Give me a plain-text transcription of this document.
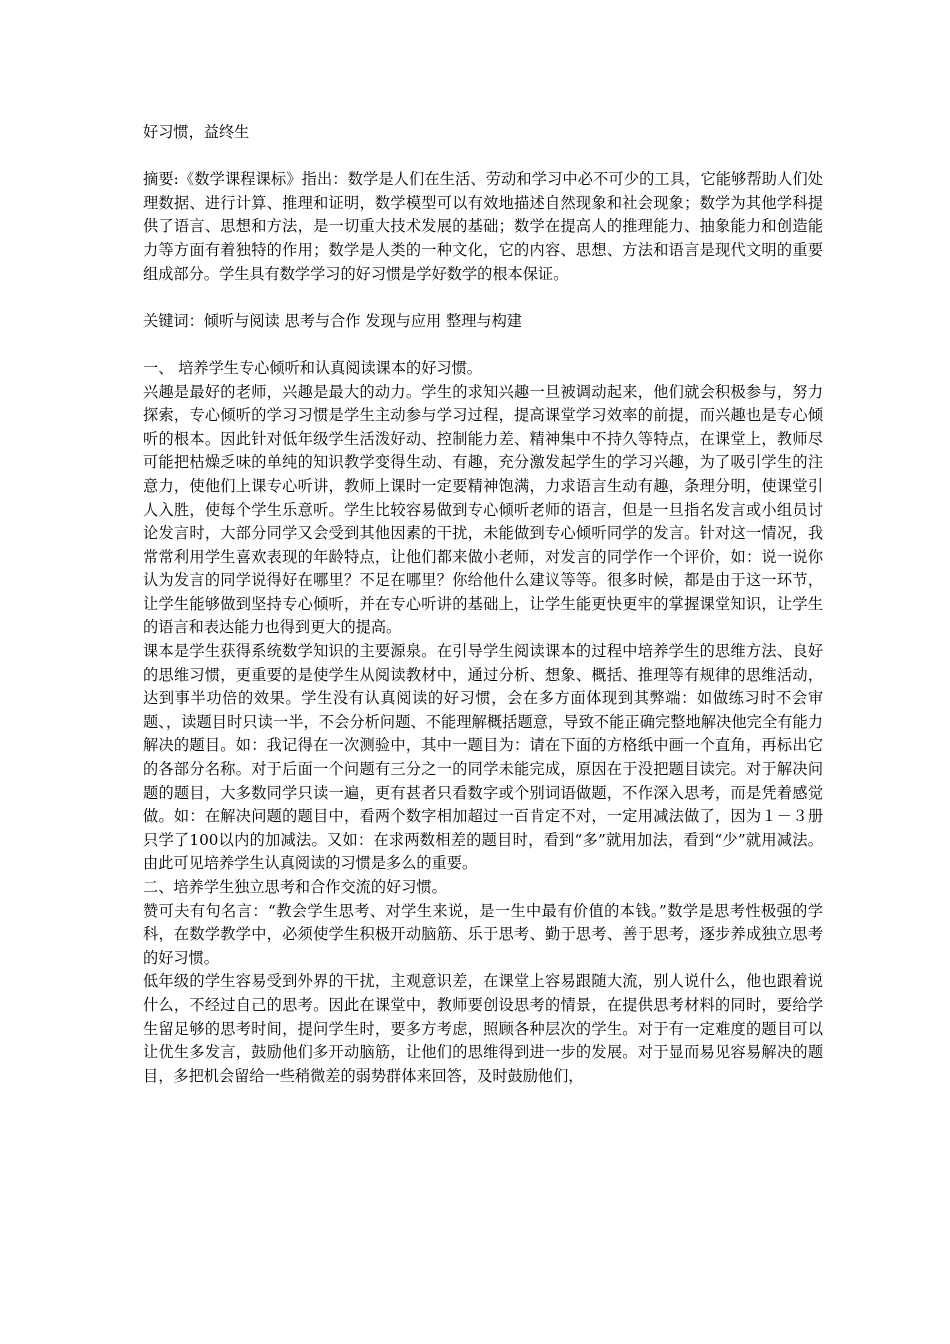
好习惯，益终生

摘要:《数学课程课标》指出：数学是人们在生活、劳动和学习中必不可少的工具，它能够帮助人们处理数据、进行计算、推理和证明，数学模型可以有效地描述自然现象和社会现象；数学为其他学科提供了语言、思想和方法，是一切重大技术发展的基础；数学在提高人的推理能力、抽象能力和创造能力等方面有着独特的作用；数学是人类的一种文化，它的内容、思想、方法和语言是现代文明的重要组成部分。学生具有数学学习的好习惯是学好数学的根本保证。

关键词：倾听与阅读 思考与合作 发现与应用 整理与构建

一、 培养学生专心倾听和认真阅读课本的好习惯。

兴趣是最好的老师，兴趣是最大的动力。学生的求知兴趣一旦被调动起来，他们就会积极参与，努力探索，专心倾听的学习习惯是学生主动参与学习过程，提高课堂学习效率的前提，而兴趣也是专心倾听的根本。因此针对低年级学生活泼好动、控制能力差、精神集中不持久等特点，在课堂上，教师尽可能把枯燥乏味的单纯的知识教学变得生动、有趣，充分激发起学生的学习兴趣，为了吸引学生的注意力，使他们上课专心听讲，教师上课时一定要精神饱满，力求语言生动有趣，条理分明，使课堂引人入胜，使每个学生乐意听。学生比较容易做到专心倾听老师的语言，但是一旦指名发言或小组员讨论发言时，大部分同学又会受到其他因素的干扰，未能做到专心倾听同学的发言。针对这一情况，我常常利用学生喜欢表现的年龄特点，让他们都来做小老师，对发言的同学作一个评价，如：说一说你认为发言的同学说得好在哪里？不足在哪里？你给他什么建议等等。很多时候，都是由于这一环节，让学生能够做到坚持专心倾听，并在专心听讲的基础上，让学生能更快更牢的掌握课堂知识，让学生的语言和表达能力也得到更大的提高。

课本是学生获得系统数学知识的主要源泉。在引导学生阅读课本的过程中培养学生的思维方法、良好的思维习惯，更重要的是使学生从阅读教材中，通过分析、想象、概括、推理等有规律的思维活动，达到事半功倍的效果。学生没有认真阅读的好习惯，会在多方面体现到其弊端：如做练习时不会审题、，读题目时只读一半，不会分析问题、不能理解概括题意，导致不能正确完整地解决他完全有能力解决的题目。如：我记得在一次测验中，其中一题目为：请在下面的方格纸中画一个直角，再标出它的各部分名称。对于后面一个问题有三分之一的同学未能完成，原因在于没把题目读完。对于解决问题的题目，大多数同学只读一遍，更有甚者只看数字或个别词语做题，不作深入思考，而是凭着感觉做。如：在解决问题的题目中，看两个数字相加超过一百肯定不对，一定用减法做了，因为１－３册只学了100以内的加减法。又如：在求两数相差的题目时，看到“多”就用加法，看到“少”就用减法。由此可见培养学生认真阅读的习惯是多么的重要。

二、培养学生独立思考和合作交流的好习惯。

赞可夫有句名言：“教会学生思考、对学生来说，是一生中最有价值的本钱。”数学是思考性极强的学科，在数学教学中，必须使学生积极开动脑筋、乐于思考、勤于思考、善于思考，逐步养成独立思考的好习惯。

低年级的学生容易受到外界的干扰，主观意识差，在课堂上容易跟随大流，别人说什么，他也跟着说什么，不经过自己的思考。因此在课堂中，教师要创设思考的情景，在提供思考材料的同时，要给学生留足够的思考时间，提问学生时，要多方考虑，照顾各种层次的学生。对于有一定难度的题目可以让优生多发言，鼓励他们多开动脑筋，让他们的思维得到进一步的发展。对于显而易见容易解决的题目，多把机会留给一些稍微差的弱势群体来回答，及时鼓励他们，
